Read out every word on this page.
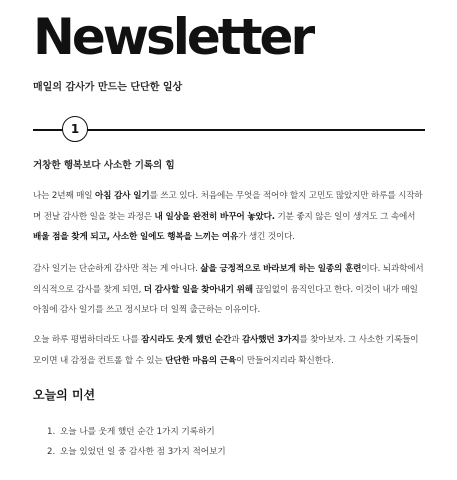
Newsletter
매일의 감사가 만드는 단단한 일상
1
거창한 행복보다 사소한 기록의 힘
나는 2년째 매일 아침 감사 일기를 쓰고 있다. 처음에는 무엇을 적어야 할지 고민도 많았지만 하루를 시작하며 전날 감사한 일을 찾는 과정은 내 일상을 완전히 바꾸어 놓았다. 기분 좋지 않은 일이 생겨도 그 속에서 배울 점을 찾게 되고, 사소한 일에도 행복을 느끼는 여유가 생긴 것이다.
감사 일기는 단순하게 감사만 적는 게 아니다. 삶을 긍정적으로 바라보게 하는 일종의 훈련이다. 뇌과학에서 의식적으로 감사를 찾게 되면, 더 감사할 일을 찾아내기 위해 끊임없이 움직인다고 한다. 이것이 내가 매일 아침에 감사 일기를 쓰고 정시보다 더 일찍 출근하는 이유이다.
오늘 하루 평범하더라도 나를 잠시라도 웃게 했던 순간과 감사했던 3가지를 찾아보자. 그 사소한 기록들이 모이면 내 감정을 컨트롤 할 수 있는 단단한 마음의 근육이 만들어지리라 확신한다.
오늘의 미션
1. 오늘 나를 웃게 했던 순간 1가지 기록하기
2. 오늘 있었던 일 중 감사한 점 3가지 적어보기
